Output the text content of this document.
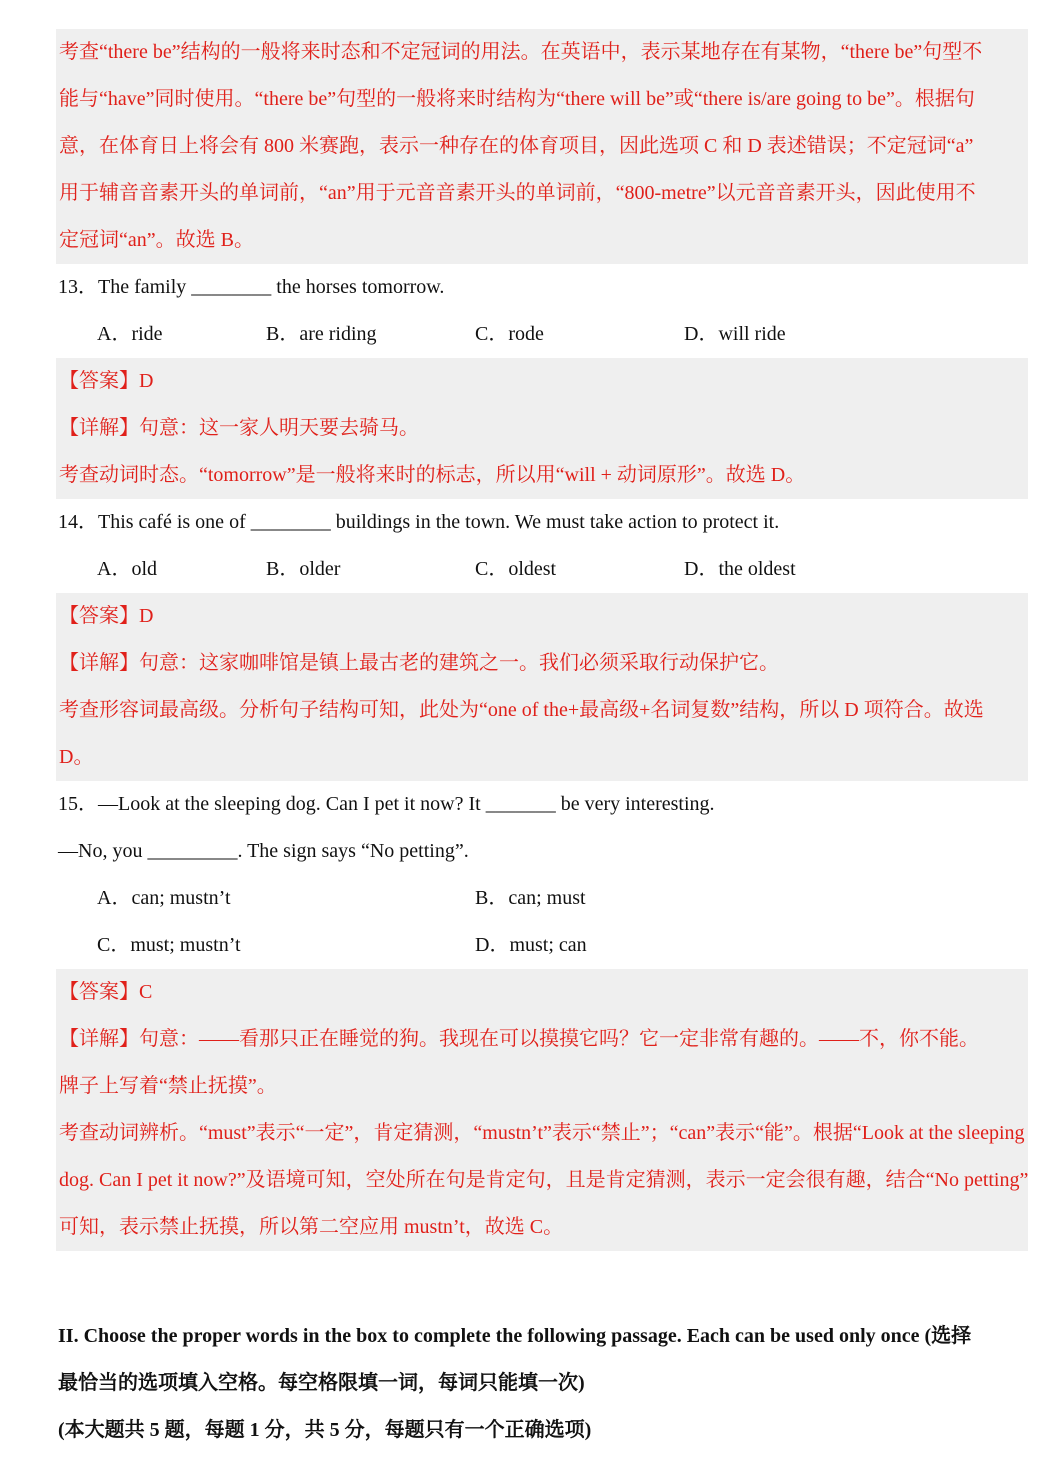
考查“there be”结构的一般将来时态和不定冠词的用法。在英语中，表示某地存在有某物，“there be”句型不
能与“have”同时使用。“there be”句型的一般将来时结构为“there will be”或“there is/are going to be”。根据句
意，在体育日上将会有 800 米赛跑，表示一种存在的体育项目，因此选项 C 和 D 表述错误；不定冠词“a”
用于辅音音素开头的单词前，“an”用于元音音素开头的单词前，“800-metre”以元音音素开头，因此使用不
定冠词“an”。故选 B。
13．The family ________ the horses tomorrow.
A．ride	B．are riding	C．rode	D．will ride
【答案】D
【详解】句意：这一家人明天要去骑马。
考查动词时态。“tomorrow”是一般将来时的标志，所以用“will + 动词原形”。故选 D。
14．This café is one of ________ buildings in the town. We must take action to protect it.
A．old	B．older	C．oldest	D．the oldest
【答案】D
【详解】句意：这家咖啡馆是镇上最古老的建筑之一。我们必须采取行动保护它。
考查形容词最高级。分析句子结构可知，此处为“one of the+最高级+名词复数”结构，所以 D 项符合。故选
D。
15．—Look at the sleeping dog. Can I pet it now? It _______ be very interesting.
—No, you _________. The sign says “No petting”.
A．can; mustn’t	B．can; must
C．must; mustn’t	D．must; can
【答案】C
【详解】句意：——看那只正在睡觉的狗。我现在可以摸摸它吗？它一定非常有趣的。——不，你不能。
牌子上写着“禁止抚摸”。
考查动词辨析。“must”表示“一定”，肯定猜测，“mustn’t”表示“禁止”；“can”表示“能”。根据“Look at the sleeping
dog. Can I pet it now?”及语境可知，空处所在句是肯定句，且是肯定猜测，表示一定会很有趣，结合“No petting”
可知，表示禁止抚摸，所以第二空应用 mustn’t，故选 C。
II. Choose the proper words in the box to complete the following passage. Each can be used only once (选择
最恰当的选项填入空格。每空格限填一词，每词只能填一次)
(本大题共 5 题，每题 1 分，共 5 分，每题只有一个正确选项)
